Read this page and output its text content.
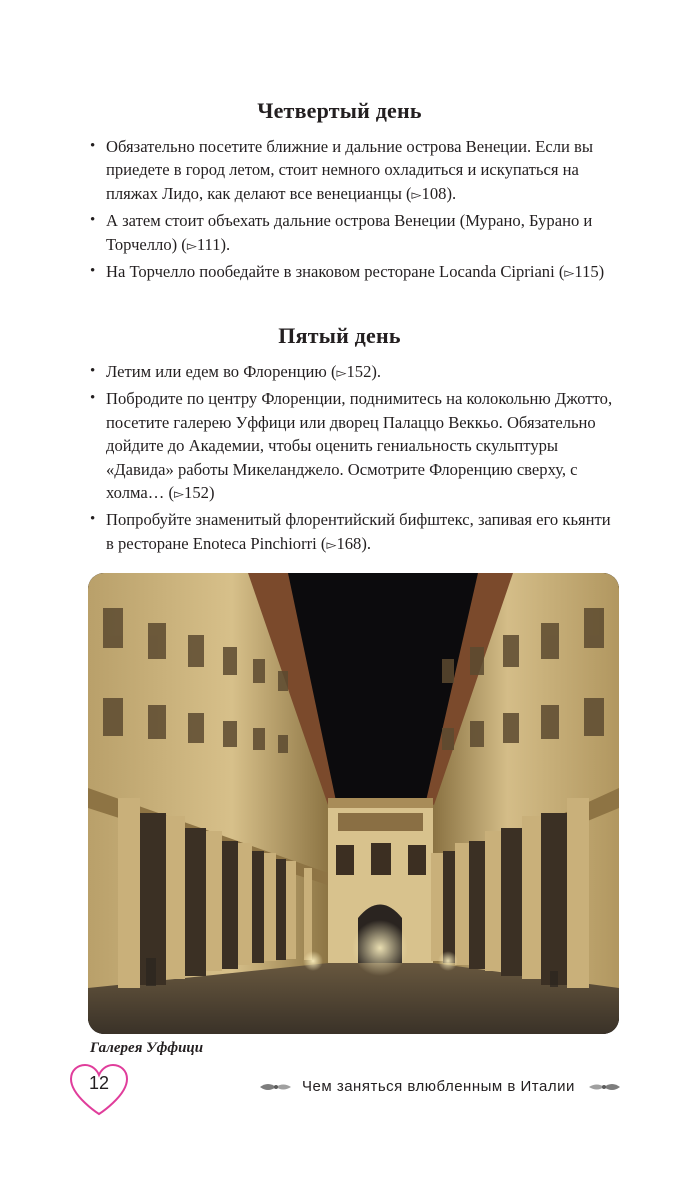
Четвертый день
• Обязательно посетите ближние и дальние острова Венеции. Если вы приедете в город летом, стоит немного охладиться и искупаться на пляжах Лидо, как делают все венецианцы (▻108).
• А затем стоит объехать дальние острова Венеции (Мурано, Бурано и Торчелло) (▻111).
• На Торчелло пообедайте в знаковом ресторане Locanda Cipriani (▻115)
Пятый день
• Летим или едем во Флоренцию (▻152).
• Побродите по центру Флоренции, поднимитесь на колокольню Джотто, посетите галерею Уффици или дворец Палаццо Веккьо. Обязательно дойдите до Академии, чтобы оценить гениальность скульптуры «Давида» работы Микеланджело. Осмотрите Флоренцию сверху, с холма… (▻152)
• Попробуйте знаменитый флорентийский бифштекс, запивая его кьянти в ресторане Enoteca Pinchiorri (▻168).
Галерея Уффици
12	Чем заняться влюбленным в Италии
